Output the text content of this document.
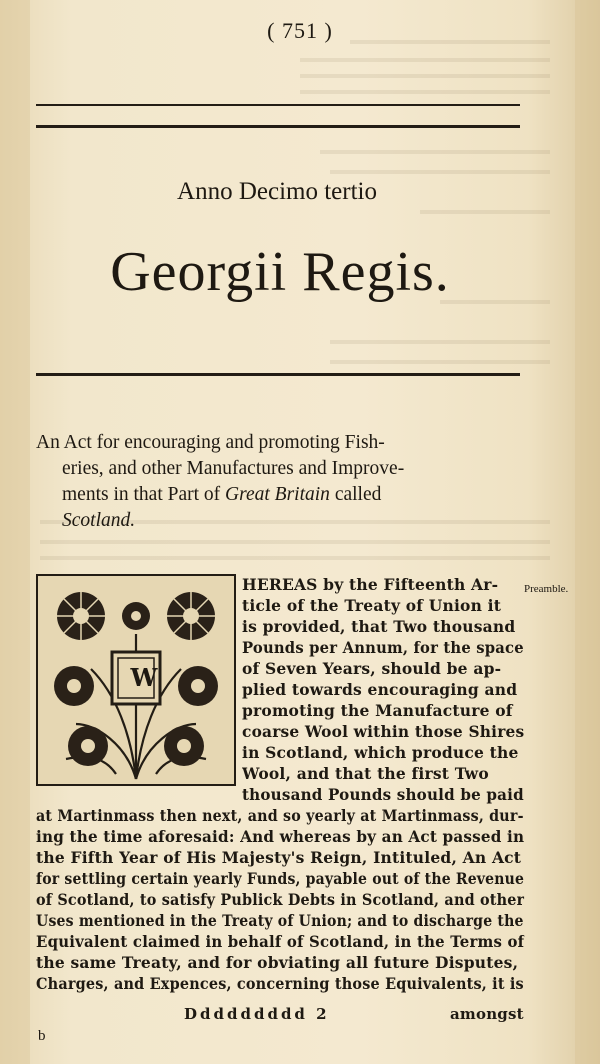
( 751 )
Anno Decimo tertio
Georgii Regis.
An Act for encouraging and promoting Fish-
eries, and other Manufactures and Improve-
ments in that Part of Great Britain called
Scotland.
W
Preamble.
HEREAS by the Fifteenth Ar-
ticle of the Treaty of Union it
is provided, that Two thousand
Pounds per Annum, for the space
of Seven Years, should be ap-
plied towards encouraging and
promoting the Manufacture of
coarse Wool within those Shires
in Scotland, which produce the
Wool, and that the first Two
thousand Pounds should be paid
at Martinmass then next, and so yearly at Martinmass, dur-
ing the time aforesaid: And whereas by an Act passed in
the Fifth Year of His Majesty's Reign, Intituled, An Act
for settling certain yearly Funds, payable out of the Revenue
of Scotland, to satisfy Publick Debts in Scotland, and other
Uses mentioned in the Treaty of Union; and to discharge the
Equivalent claimed in behalf of Scotland, in the Terms of
the same Treaty, and for obviating all future Disputes,
Charges, and Expences, concerning those Equivalents, it is
Ddddddddd 2	amongst
b
